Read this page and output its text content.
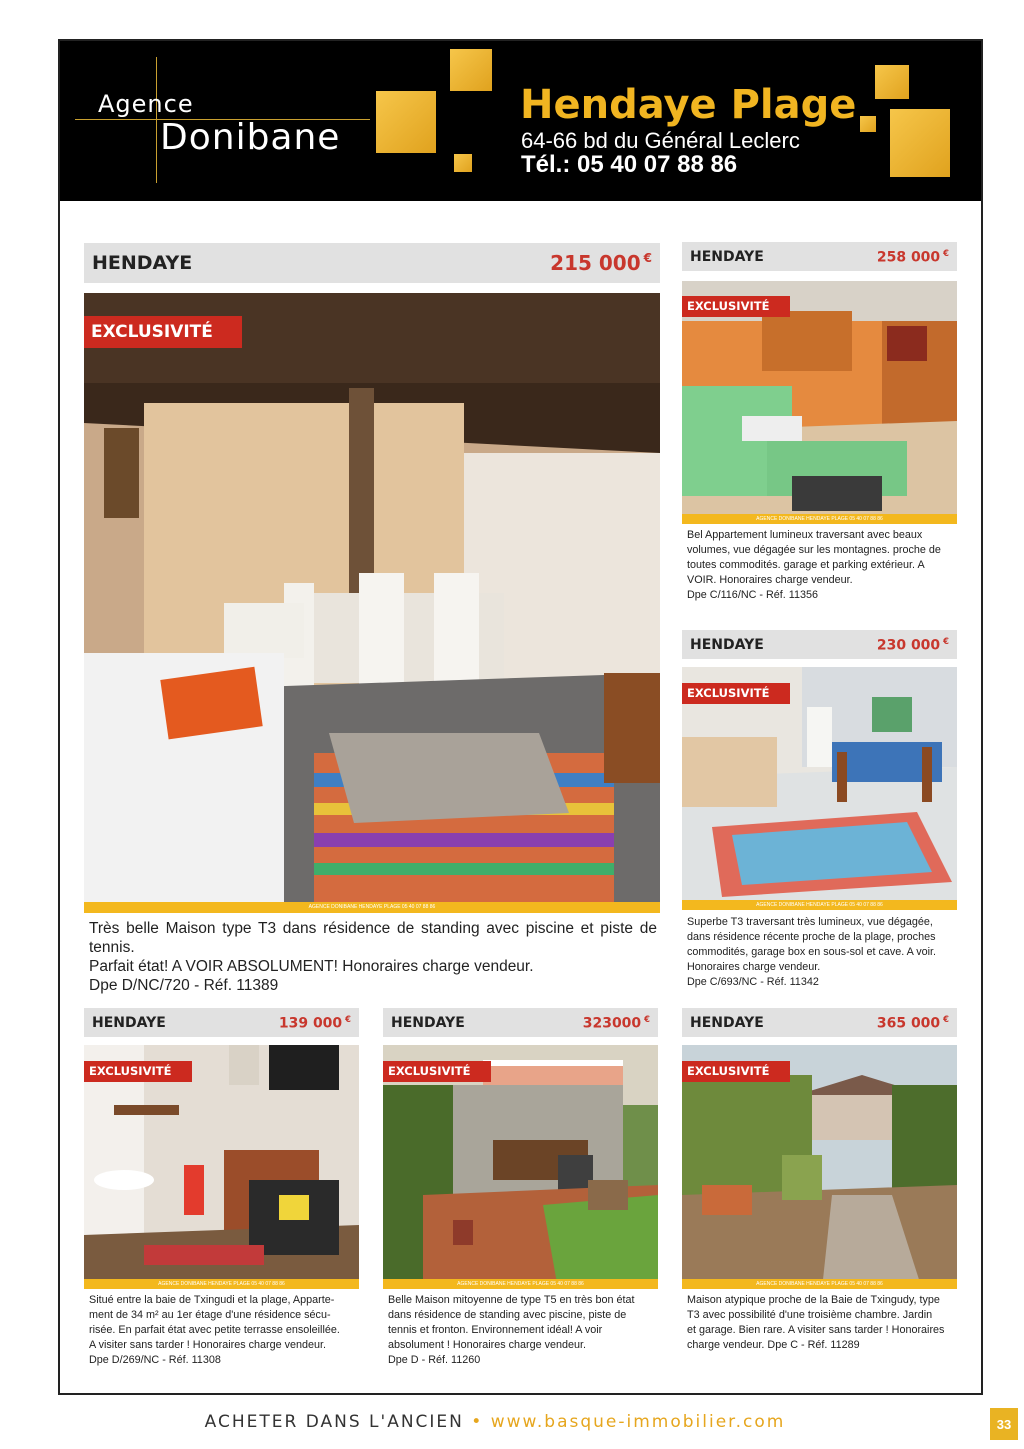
Agence
Donibane
Hendaye Plage
64-66 bd du Général Leclerc
Tél.: 05 40 07 88 86
HENDAYE	215 000 €
EXCLUSIVITÉ
AGENCE DONIBANE HENDAYE PLAGE 05 40 07 88 86
Très belle Maison type T3 dans résidence de standing avec piscine et piste de tennis.
Parfait état! A VOIR ABSOLUMENT! Honoraires charge vendeur.
Dpe D/NC/720 - Réf. 11389
HENDAYE	258 000 €
EXCLUSIVITÉ
AGENCE DONIBANE HENDAYE PLAGE 05 40 07 88 86
Bel Appartement lumineux traversant avec beaux
volumes, vue dégagée sur les montagnes. proche de
toutes commodités. garage et parking extérieur. A
VOIR. Honoraires charge vendeur.
Dpe C/116/NC - Réf. 11356
HENDAYE	230 000 €
EXCLUSIVITÉ
AGENCE DONIBANE HENDAYE PLAGE 05 40 07 88 86
Superbe T3 traversant très lumineux, vue dégagée,
dans résidence récente proche de la plage, proches
commodités, garage box en sous-sol et cave. A voir.
Honoraires charge vendeur.
Dpe C/693/NC - Réf. 11342
HENDAYE	139 000 €
EXCLUSIVITÉ
AGENCE DONIBANE HENDAYE PLAGE 05 40 07 88 86
Situé entre la baie de Txingudi et la plage, Apparte-
ment de 34 m² au 1er étage d'une résidence sécu-
risée. En parfait état avec petite terrasse ensoleillée.
A visiter sans tarder ! Honoraires charge vendeur.
Dpe D/269/NC - Réf. 11308
HENDAYE	323000 €
EXCLUSIVITÉ
AGENCE DONIBANE HENDAYE PLAGE 05 40 07 88 86
Belle Maison mitoyenne de type T5 en très bon état
dans résidence de standing avec piscine, piste de
tennis et fronton. Environnement idéal! A voir
absolument ! Honoraires charge vendeur.
Dpe D - Réf. 11260
HENDAYE	365 000 €
EXCLUSIVITÉ
AGENCE DONIBANE HENDAYE PLAGE 05 40 07 88 86
Maison atypique proche de la Baie de Txingudy, type
T3 avec possibilité d'une troisième chambre. Jardin
et garage. Bien rare. A visiter sans tarder ! Honoraires
charge vendeur. Dpe C - Réf. 11289
ACHETER DANS L'ANCIEN • www.basque-immobilier.com	33
